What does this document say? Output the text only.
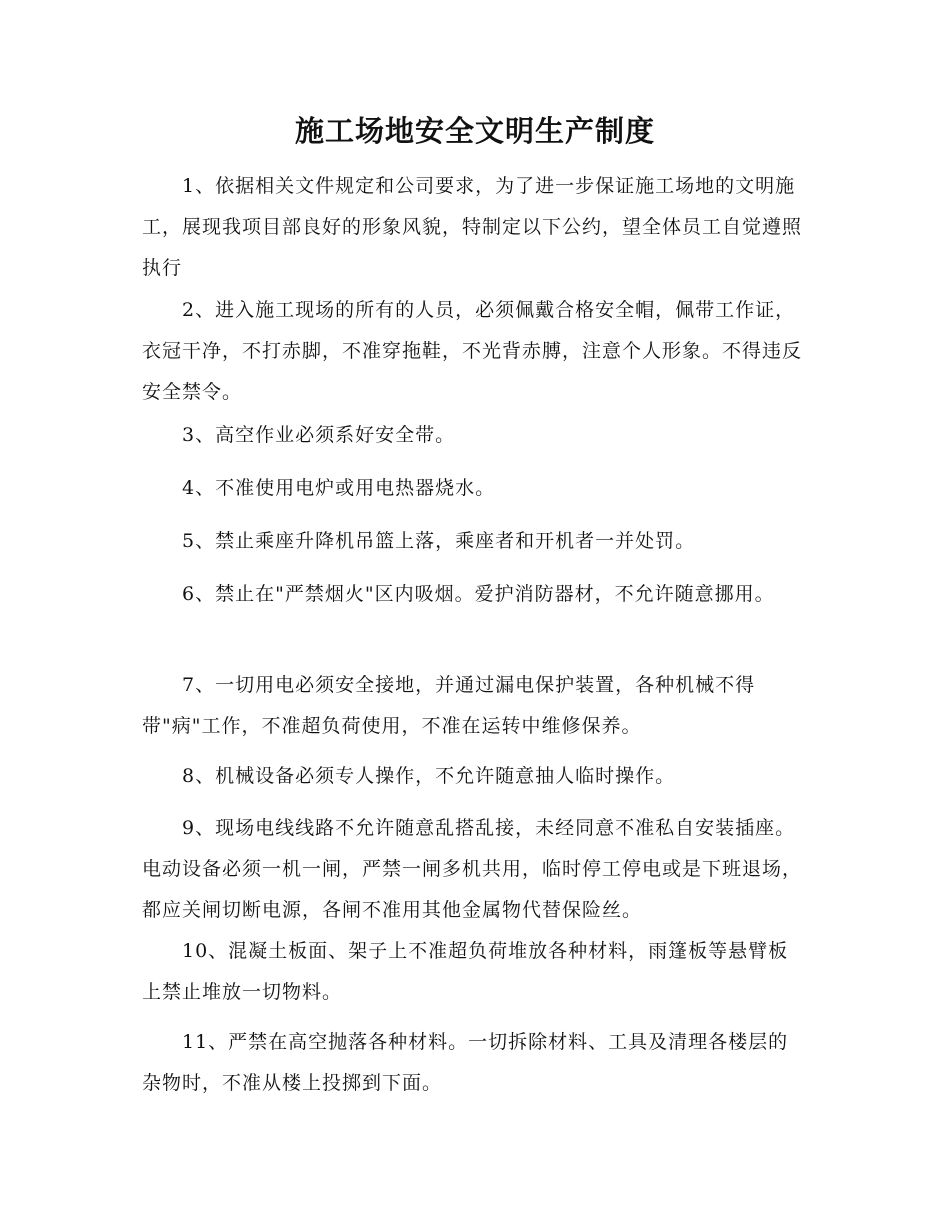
施工场地安全文明生产制度

1、依据相关文件规定和公司要求，为了进一步保证施工场地的文明施工，展现我项目部良好的形象风貌，特制定以下公约，望全体员工自觉遵照执行

2、进入施工现场的所有的人员，必须佩戴合格安全帽，佩带工作证，衣冠干净，不打赤脚，不准穿拖鞋，不光背赤膊，注意个人形象。不得违反安全禁令。

3、高空作业必须系好安全带。

4、不准使用电炉或用电热器烧水。

5、禁止乘座升降机吊篮上落，乘座者和开机者一并处罚。

6、禁止在"严禁烟火"区内吸烟。爱护消防器材，不允许随意挪用。

7、一切用电必须安全接地，并通过漏电保护装置，各种机械不得带"病"工作，不准超负荷使用，不准在运转中维修保养。

8、机械设备必须专人操作，不允许随意抽人临时操作。

9、现场电线线路不允许随意乱搭乱接，未经同意不准私自安装插座。电动设备必须一机一闸，严禁一闸多机共用，临时停工停电或是下班退场，都应关闸切断电源，各闸不准用其他金属物代替保险丝。

10、混凝土板面、架子上不准超负荷堆放各种材料，雨篷板等悬臂板上禁止堆放一切物料。

11、严禁在高空抛落各种材料。一切拆除材料、工具及清理各楼层的杂物时，不准从楼上投掷到下面。
